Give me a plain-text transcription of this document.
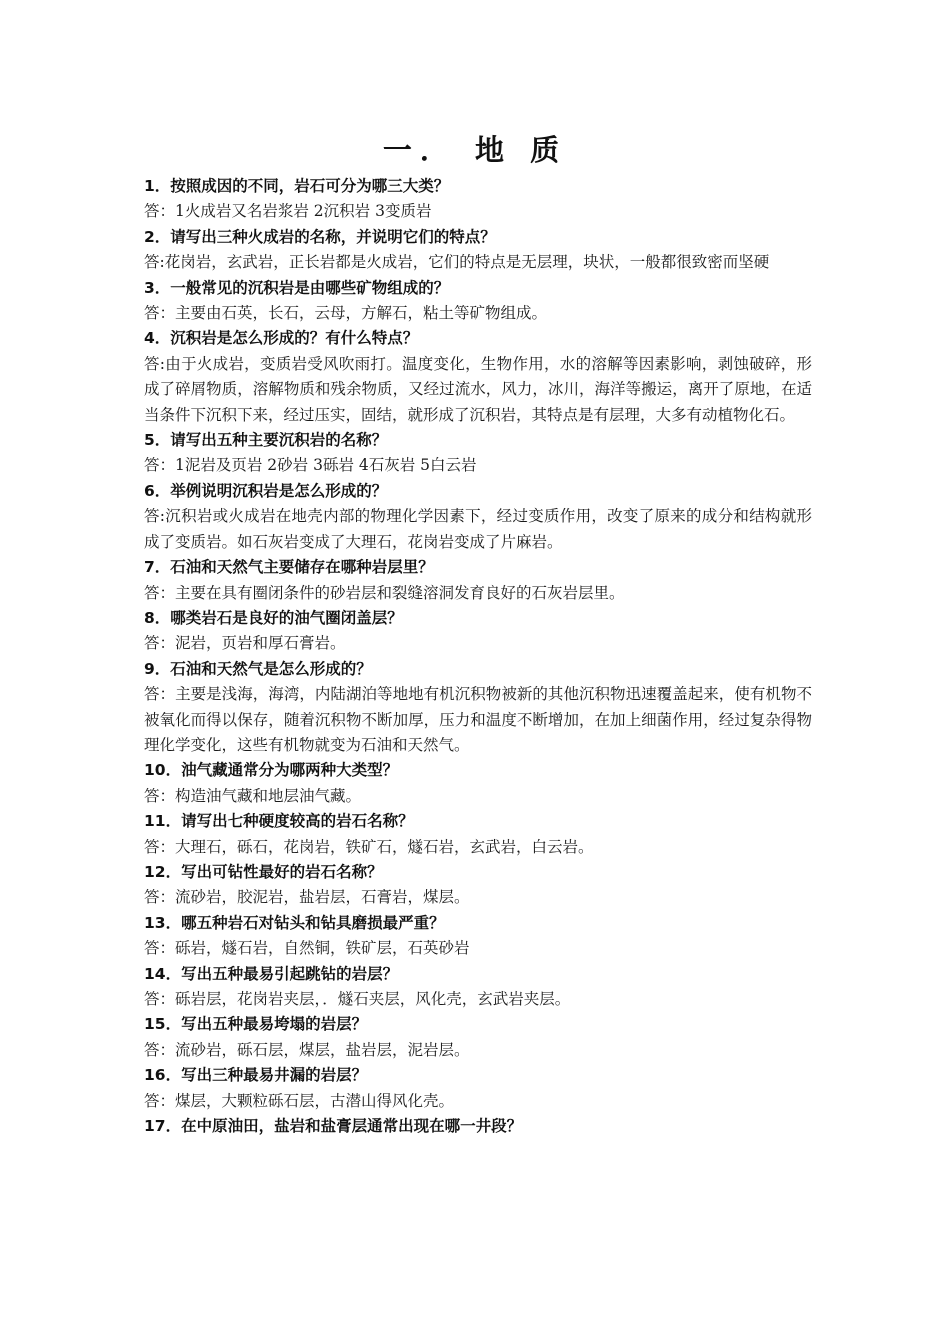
一． 地 质

1．按照成因的不同，岩石可分为哪三大类？

答：1火成岩又名岩浆岩 2沉积岩 3变质岩

2．请写出三种火成岩的名称，并说明它们的特点？

答:花岗岩，玄武岩，正长岩都是火成岩，它们的特点是无层理，块状，一般都很致密而坚硬

3．一般常见的沉积岩是由哪些矿物组成的？

答：主要由石英，长石，云母，方解石，粘土等矿物组成。

4．沉积岩是怎么形成的？有什么特点？

答:由于火成岩，变质岩受风吹雨打。温度变化，生物作用，水的溶解等因素影响，剥蚀破碎，形成了碎屑物质，溶解物质和残余物质，又经过流水，风力，冰川，海洋等搬运，离开了原地，在适当条件下沉积下来，经过压实，固结，就形成了沉积岩，其特点是有层理，大多有动植物化石。

5．请写出五种主要沉积岩的名称？

答：1泥岩及页岩 2砂岩 3砾岩 4石灰岩 5白云岩

6．举例说明沉积岩是怎么形成的？

答:沉积岩或火成岩在地壳内部的物理化学因素下，经过变质作用，改变了原来的成分和结构就形成了变质岩。如石灰岩变成了大理石，花岗岩变成了片麻岩。

7．石油和天然气主要储存在哪种岩层里？

答：主要在具有圈闭条件的砂岩层和裂缝溶洞发育良好的石灰岩层里。

8．哪类岩石是良好的油气圈闭盖层？

答：泥岩，页岩和厚石膏岩。

9．石油和天然气是怎么形成的？

答：主要是浅海，海湾，内陆湖泊等地地有机沉积物被新的其他沉积物迅速覆盖起来，使有机物不被氧化而得以保存，随着沉积物不断加厚，压力和温度不断增加，在加上细菌作用，经过复杂得物理化学变化，这些有机物就变为石油和天然气。

10．油气藏通常分为哪两种大类型？

答：构造油气藏和地层油气藏。

11．请写出七种硬度较高的岩石名称？

答：大理石，砾石，花岗岩，铁矿石，燧石岩，玄武岩，白云岩。

12．写出可钻性最好的岩石名称？

答：流砂岩，胶泥岩，盐岩层，石膏岩，煤层。

13．哪五种岩石对钻头和钻具磨损最严重？

答：砾岩，燧石岩，自然铜，铁矿层，石英砂岩

14．写出五种最易引起跳钻的岩层？

答：砾岩层，花岗岩夹层，．燧石夹层，风化壳，玄武岩夹层。

15．写出五种最易垮塌的岩层？

答：流砂岩，砾石层，煤层，盐岩层，泥岩层。

16．写出三种最易井漏的岩层？

答：煤层，大颗粒砾石层，古潜山得风化壳。

17．在中原油田，盐岩和盐膏层通常出现在哪一井段？
